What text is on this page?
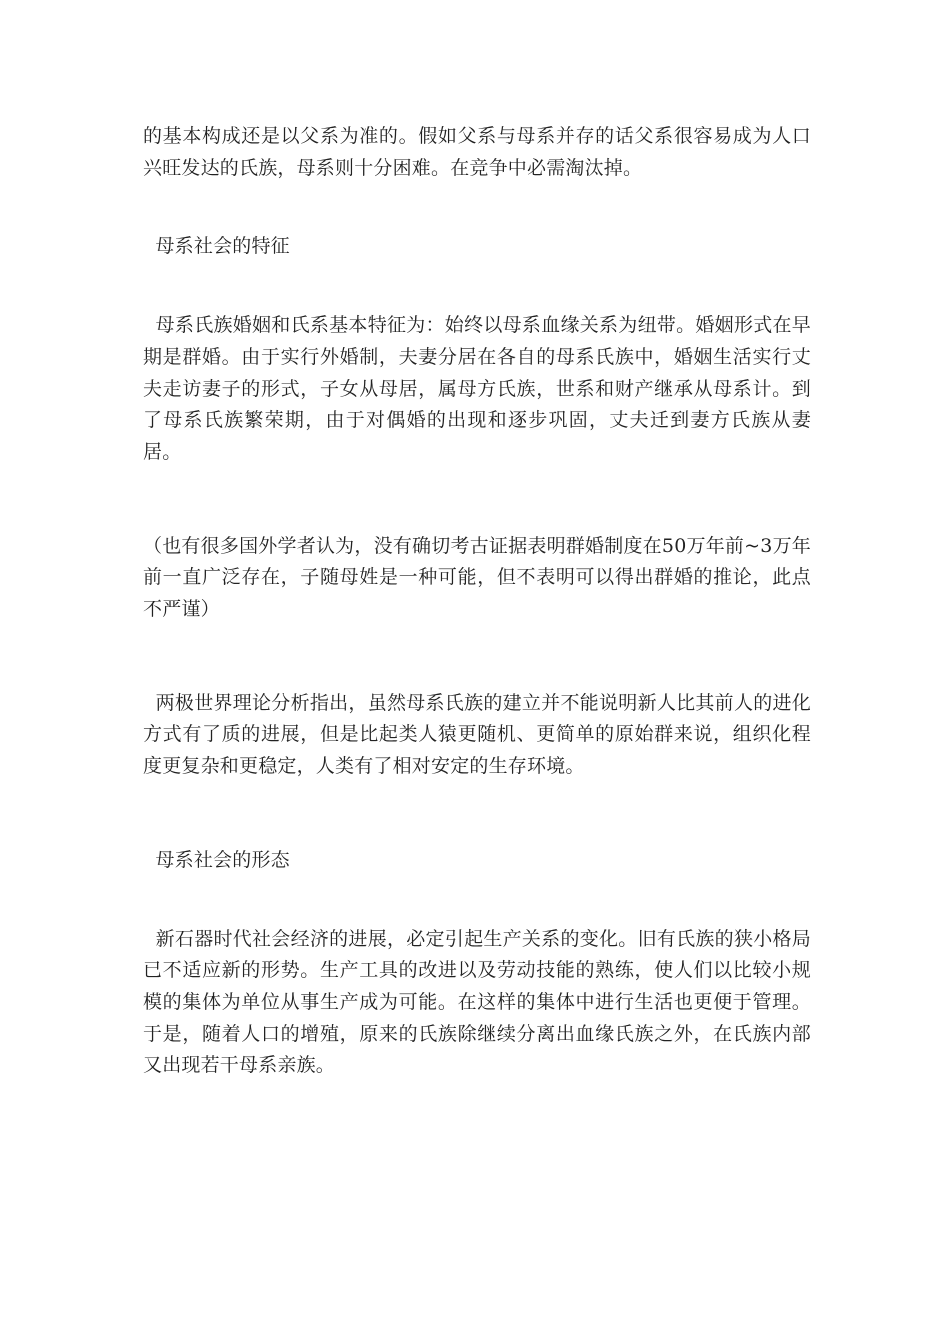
的基本构成还是以父系为准的。假如父系与母系并存的话父系很容易成为人口兴旺发达的氏族，母系则十分困难。在竞争中必需淘汰掉。

母系社会的特征

母系氏族婚姻和氏系基本特征为：始终以母系血缘关系为纽带。婚姻形式在早期是群婚。由于实行外婚制，夫妻分居在各自的母系氏族中，婚姻生活实行丈夫走访妻子的形式，子女从母居，属母方氏族，世系和财产继承从母系计。到了母系氏族繁荣期，由于对偶婚的出现和逐步巩固，丈夫迁到妻方氏族从妻居。

（也有很多国外学者认为，没有确切考古证据表明群婚制度在50万年前~3万年前一直广泛存在，子随母姓是一种可能，但不表明可以得出群婚的推论，此点不严谨）

两极世界理论分析指出，虽然母系氏族的建立并不能说明新人比其前人的进化方式有了质的进展，但是比起类人猿更随机、更简单的原始群来说，组织化程度更复杂和更稳定，人类有了相对安定的生存环境。

母系社会的形态

新石器时代社会经济的进展，必定引起生产关系的变化。旧有氏族的狭小格局已不适应新的形势。生产工具的改进以及劳动技能的熟练，使人们以比较小规模的集体为单位从事生产成为可能。在这样的集体中进行生活也更便于管理。于是，随着人口的增殖，原来的氏族除继续分离出血缘氏族之外，在氏族内部又出现若干母系亲族。
